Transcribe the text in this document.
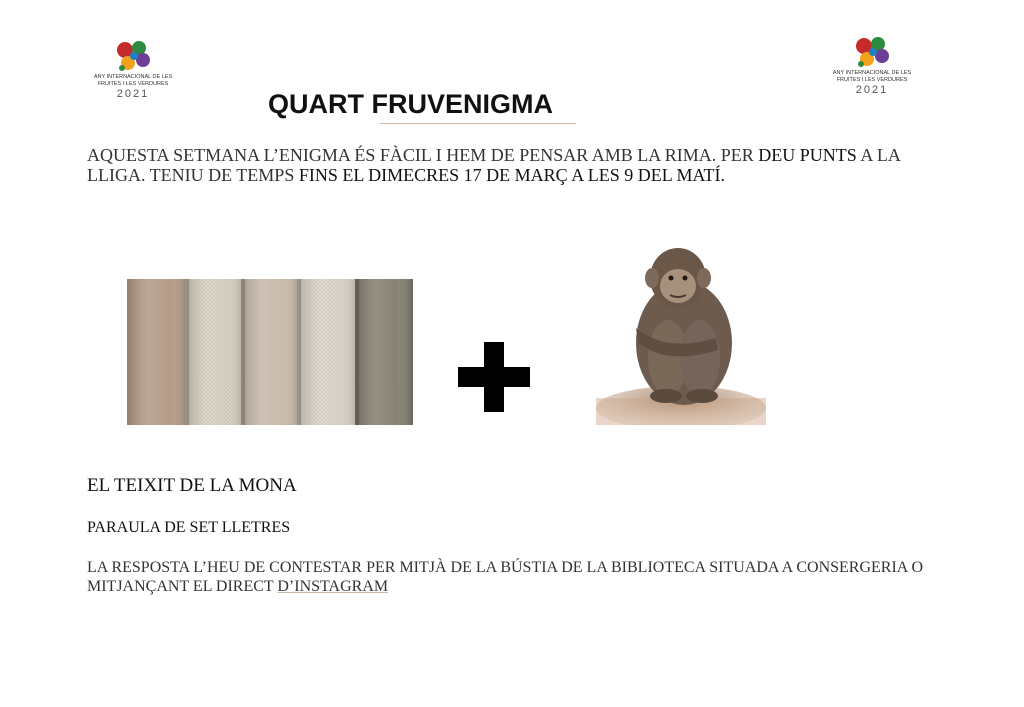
ANY INTERNACIONAL DE LES
FRUITES I LES VERDURES
2021
ANY INTERNACIONAL DE LES
FRUITES I LES VERDURES
2021
QUART FRUVENIGMA

AQUESTA SETMANA L’ENIGMA ÉS FÀCIL I HEM DE PENSAR AMB LA RIMA. PER DEU PUNTS A LA LLIGA. TENIU DE TEMPS FINS EL DIMECRES 17 DE MARÇ A LES 9 DEL MATÍ.

EL TEIXIT DE LA MONA

PARAULA DE SET LLETRES

LA RESPOSTA L’HEU DE CONTESTAR PER MITJÀ DE LA BÚSTIA DE LA BIBLIOTECA SITUADA A CONSERGERIA O MITJANÇANT EL DIRECT D’INSTAGRAM
